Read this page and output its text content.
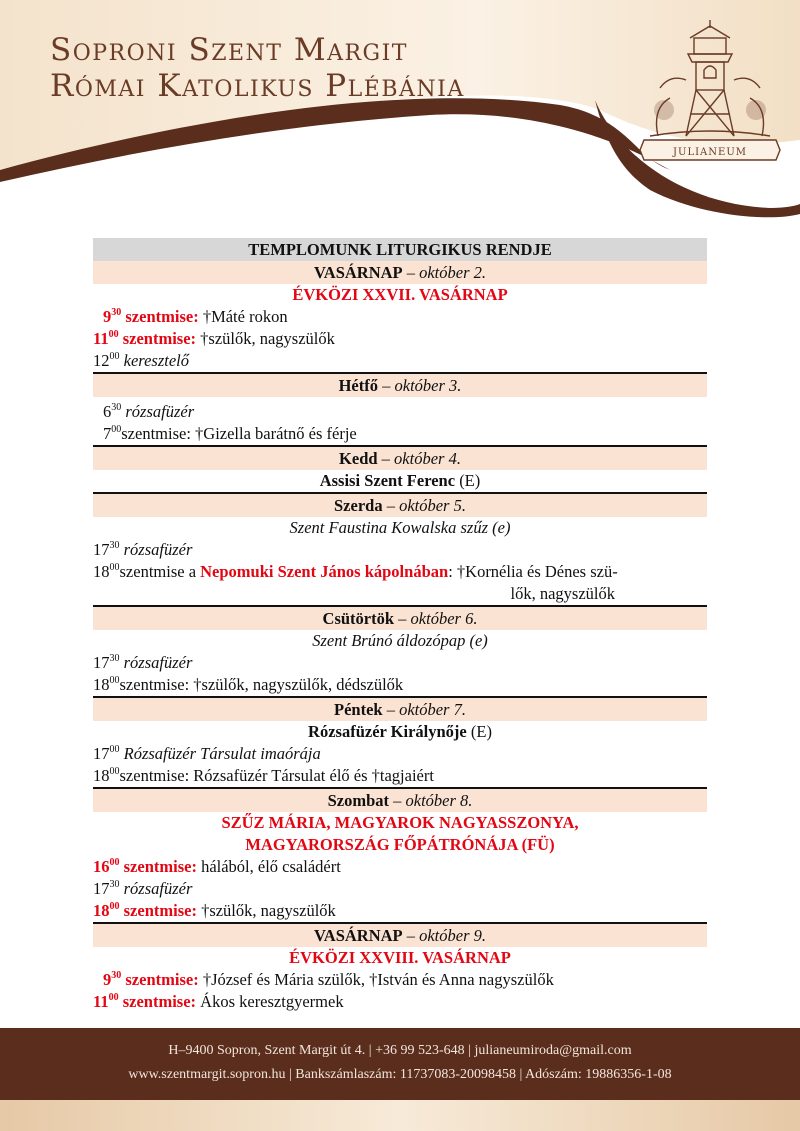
Soproni Szent Margit
Római Katolikus Plébánia
JULIANEUM
TEMPLOMUNK LITURGIKUS RENDJE
VASÁRNAP – október 2.
ÉVKÖZI XXVII. VASÁRNAP
$9^{30}$ szentmise: †Máté rokon
$11^{00}$ szentmise: †szülők, nagyszülők
$12^{00}$ keresztelő
Hétfő – október 3.
$6^{30}$ rózsafüzér
$7^{00}szentmise$: †Gizella barátnő és férje
Kedd – október 4.
Assisi Szent Ferenc (E)
Szerda – október 5.
Szent Faustina Kowalska szűz (e)
$17^{30}$ rózsafüzér
$18^{00}szentmise$ a Nepomuki Szent János kápolnában: †Kornélia és Dénes szü-
lők, nagyszülők
Csütörtök – október 6.
Szent Brúnó áldozópap (e)
$17^{30}$ rózsafüzér
$18^{00}szentmise$: †szülők, nagyszülők, dédszülők
Péntek – október 7.
Rózsafüzér Királynője (E)
$17^{00}$ Rózsafüzér Társulat imaórája
$18^{00}szentmise$: Rózsafüzér Társulat élő és †tagjaiért
Szombat – október 8.
SZŰZ MÁRIA, MAGYAROK NAGYASSZONYA,
MAGYARORSZÁG FŐPÁTRÓNÁJA (FÜ)
$16^{00}$ szentmise: hálából, élő családért
$17^{30}$ rózsafüzér
$18^{00}$ szentmise: †szülők, nagyszülők
VASÁRNAP – október 9.
ÉVKÖZI XXVIII. VASÁRNAP
$9^{30}$ szentmise: †József és Mária szülők, †István és Anna nagyszülők
$11^{00}$ szentmise: Ákos keresztgyermek
H–9400 Sopron, Szent Margit út 4. | +36 99 523-648 | julianeumiroda@gmail.com
www.szentmargit.sopron.hu | Bankszámlaszám: 11737083-20098458 | Adószám: 19886356-1-08
